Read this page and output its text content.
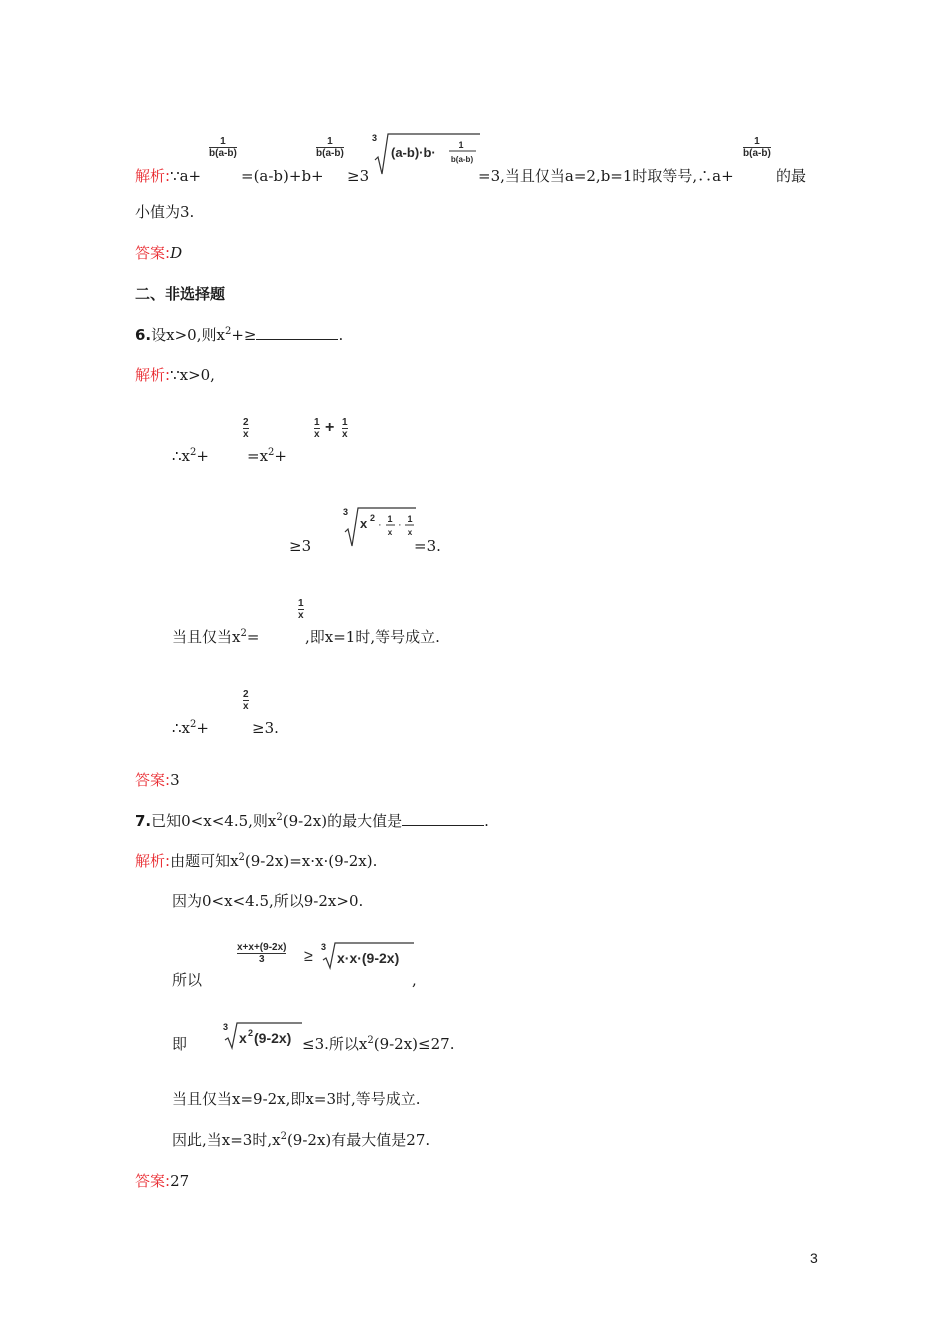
1
b(a-b)
1
b(a-b)
3
(a-b)·b·	1
b(a-b)
1
b(a-b)
解析:∵a+	=(a-b)+b+ ≥3	=3,当且仅当a=2,b=1时取等号,∴a+	的最
小值为3.
答案:D
二、非选择题
6.设x>0,则$x^2+\ge$	.
解析:∵x>0,
$\therefore x^2+$
2
x
$=x^2+$
1
x + 1
x
≥3
3
x 2
· 1
x
· 1
x
=3.
当且仅当$x^2=$
1
x
,即x=1时,等号成立.
$\therefore x^2+$
2
x
≥3.
答案:3
7.已知0<x<4.5,则$x^2(9-2x)$的最大值是	.
解析:由题可知$x^2(9-2x)=x\cdot x\cdot(9-2x)$.
因为0<x<4.5,所以9-2x>0.
所以
x+x+(9-2x)
3 ≥
3
x·x·(9-2x)
,
即
3
x 2 (9-2x) ≤3.所以$x^2(9-2x)\le 27$.
当且仅当x=9-2x,即x=3时,等号成立.
因此,当x=3时$,x^2(9-2x)$有最大值是27.
答案:27
3
